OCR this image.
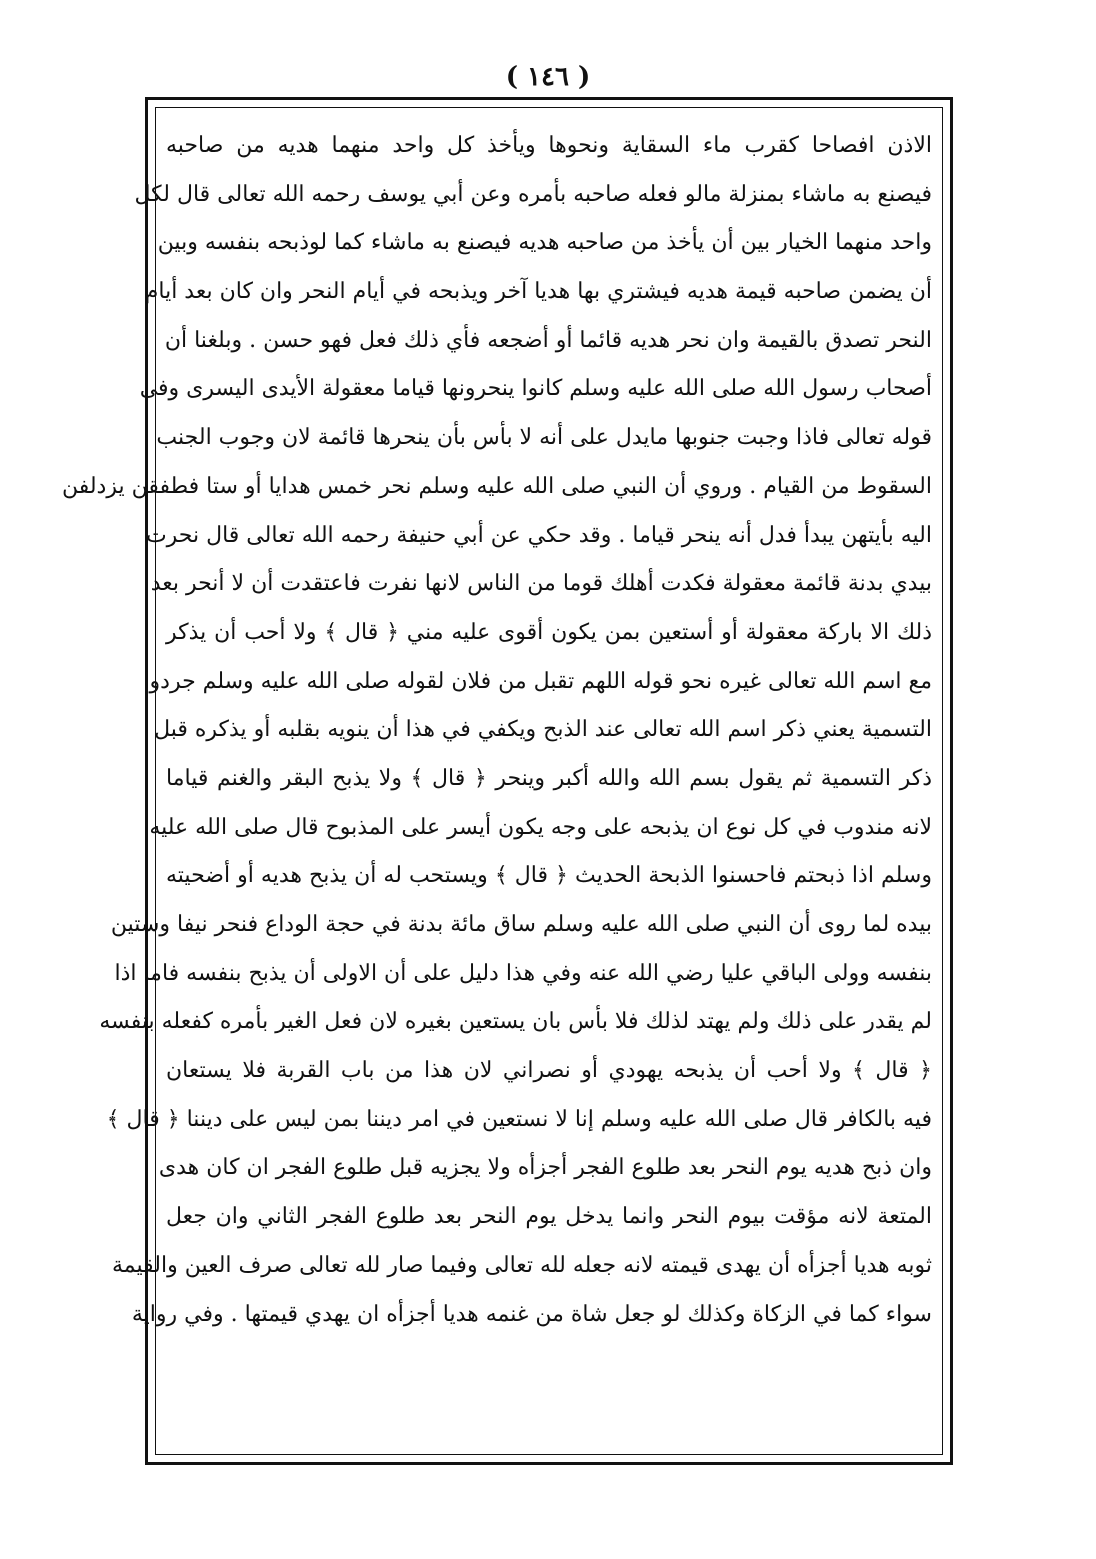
( ١٤٦ )
الاذن افصاحا كقرب ماء السقاية ونحوها ويأخذ كل واحد منهما هديه من صاحبه
فيصنع به ماشاء بمنزلة مالو فعله صاحبه بأمره وعن أبي يوسف رحمه الله تعالى قال لكل
واحد منهما الخيار بين أن يأخذ من صاحبه هديه فيصنع به ماشاء كما لوذبحه بنفسه وبين
أن يضمن صاحبه قيمة هديه فيشتري بها هديا آخر ويذبحه في أيام النحر وان كان بعد أيام
النحر تصدق بالقيمة وان نحر هديه قائما أو أضجعه فأي ذلك فعل فهو حسن . وبلغنا أن
أصحاب رسول الله صلى الله عليه وسلم كانوا ينحرونها قياما معقولة الأيدى اليسرى وفى
قوله تعالى فاذا وجبت جنوبها مايدل على أنه لا بأس بأن ينحرها قائمة لان وجوب الجنب
السقوط من القيام . وروي أن النبي صلى الله عليه وسلم نحر خمس هدايا أو ستا فطفقن يزدلفن
اليه بأيتهن يبدأ فدل أنه ينحر قياما . وقد حكي عن أبي حنيفة رحمه الله تعالى قال نحرت
بيدي بدنة قائمة معقولة فكدت أهلك قوما من الناس لانها نفرت فاعتقدت أن لا أنحر بعد
ذلك الا باركة معقولة أو أستعين بمن يكون أقوى عليه مني ﴿ قال ﴾ ولا أحب أن يذكر
مع اسم الله تعالى غيره نحو قوله اللهم تقبل من فلان لقوله صلى الله عليه وسلم جردوا
التسمية يعني ذكر اسم الله تعالى عند الذبح ويكفي في هذا أن ينويه بقلبه أو يذكره قبل
ذكر التسمية ثم يقول بسم الله والله أكبر وينحر ﴿ قال ﴾ ولا يذبح البقر والغنم قياما
لانه مندوب في كل نوع ان يذبحه على وجه يكون أيسر على المذبوح قال صلى الله عليه
وسلم اذا ذبحتم فاحسنوا الذبحة الحديث ﴿ قال ﴾ ويستحب له أن يذبح هديه أو أضحيته
بيده لما روى أن النبي صلى الله عليه وسلم ساق مائة بدنة في حجة الوداع فنحر نيفا وستين
بنفسه وولى الباقي عليا رضي الله عنه وفي هذا دليل على أن الاولى أن يذبح بنفسه فاما اذا
لم يقدر على ذلك ولم يهتد لذلك فلا بأس بان يستعين بغيره لان فعل الغير بأمره كفعله بنفسه
﴿ قال ﴾ ولا أحب أن يذبحه يهودي أو نصراني لان هذا من باب القربة فلا يستعان
فيه بالكافر قال صلى الله عليه وسلم إنا لا نستعين في امر ديننا بمن ليس على ديننا ﴿ قال ﴾
وان ذبح هديه يوم النحر بعد طلوع الفجر أجزأه ولا يجزيه قبل طلوع الفجر ان كان هدى
المتعة لانه مؤقت بيوم النحر وانما يدخل يوم النحر بعد طلوع الفجر الثاني وان جعل
ثوبه هديا أجزأه أن يهدى قيمته لانه جعله لله تعالى وفيما صار لله تعالى صرف العين والقيمة
سواء كما في الزكاة وكذلك لو جعل شاة من غنمه هديا أجزأه ان يهدي قيمتها . وفي رواية
